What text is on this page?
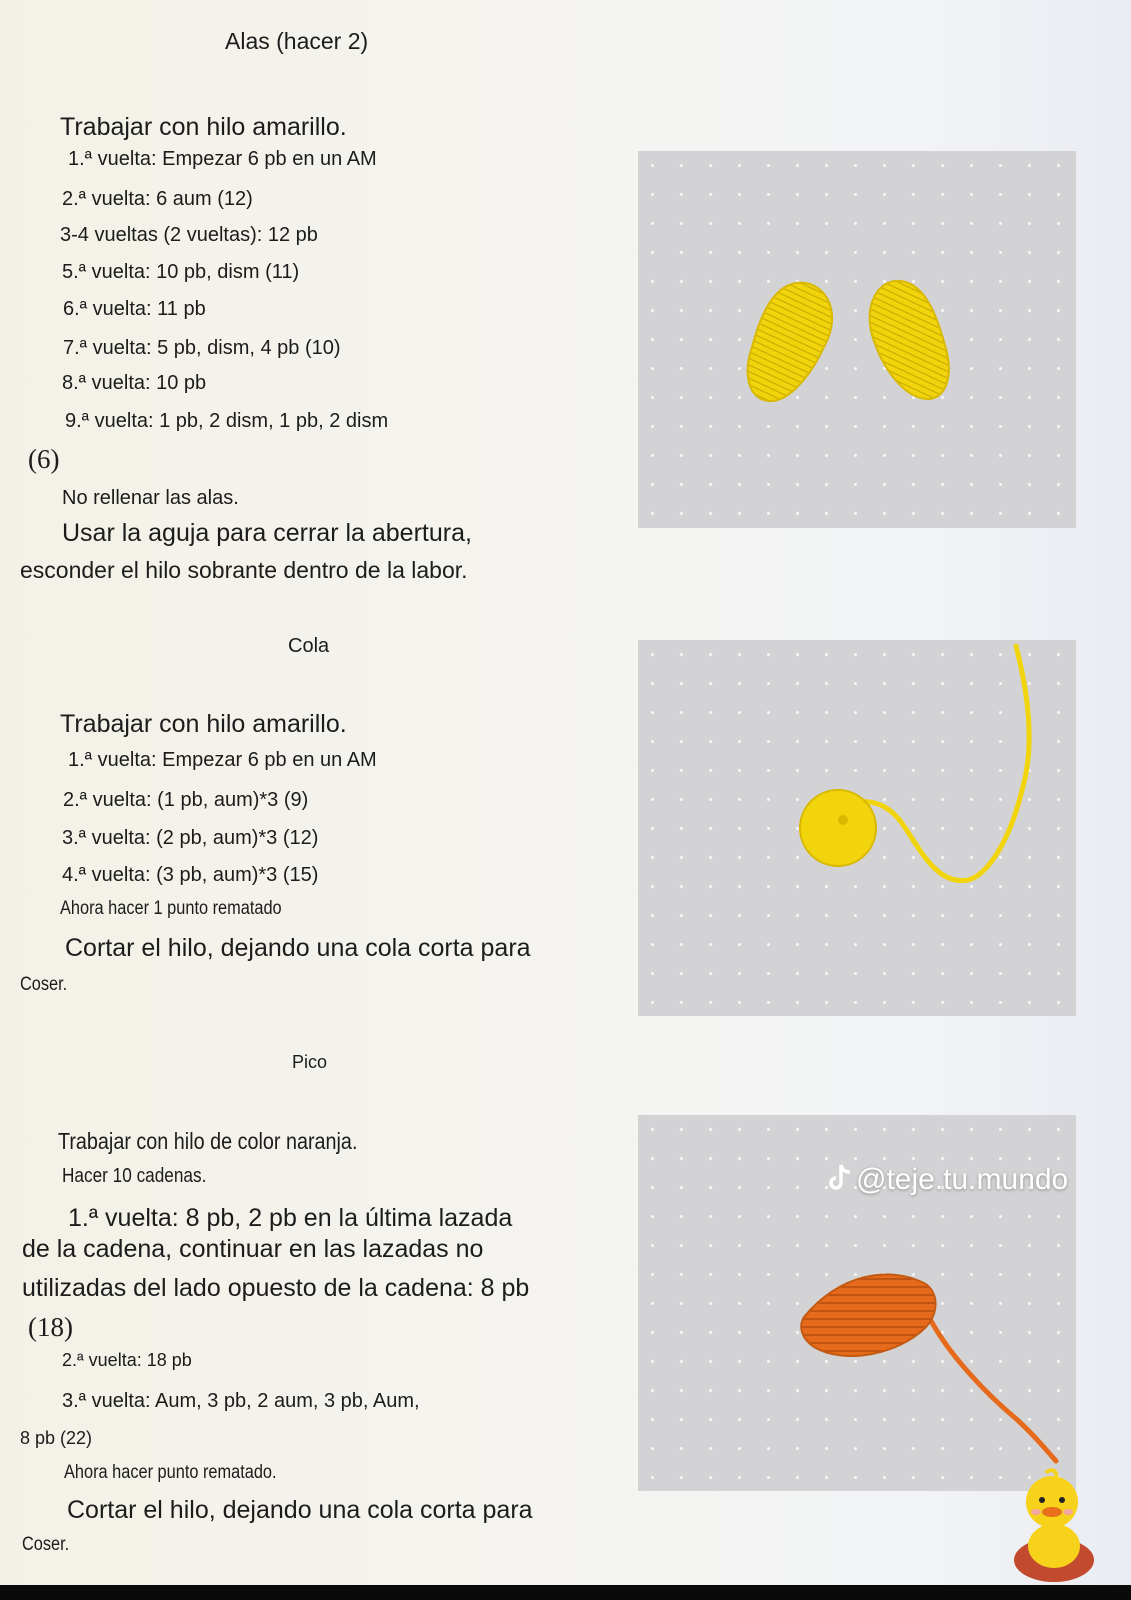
Alas (hacer 2)
Trabajar con hilo amarillo.
1.ª vuelta: Empezar 6 pb en un AM
2.ª vuelta: 6 aum (12)
3-4 vueltas (2 vueltas): 12 pb
5.ª vuelta: 10 pb, dism (11)
6.ª vuelta: 11 pb
7.ª vuelta: 5 pb, dism, 4 pb (10)
8.ª vuelta: 10 pb
9.ª vuelta: 1 pb, 2 dism, 1 pb, 2 dism
(6)
No rellenar las alas.
Usar la aguja para cerrar la abertura,
esconder el hilo sobrante dentro de la labor.
Cola
Trabajar con hilo amarillo.
1.ª vuelta: Empezar 6 pb en un AM
2.ª vuelta: (1 pb, aum)*3 (9)
3.ª vuelta: (2 pb, aum)*3 (12)
4.ª vuelta: (3 pb, aum)*3 (15)
Ahora hacer 1 punto rematado
Cortar el hilo, dejando una cola corta para
Coser.
Pico
Trabajar con hilo de color naranja.
Hacer 10 cadenas.
1.ª vuelta: 8 pb, 2 pb en la última lazada
de la cadena, continuar en las lazadas no
utilizadas del lado opuesto de la cadena: 8 pb
(18)
2.ª vuelta: 18 pb
3.ª vuelta: Aum, 3 pb, 2 aum, 3 pb, Aum,
8 pb (22)
Ahora hacer punto rematado.
Cortar el hilo, dejando una cola corta para
Coser.
@teje.tu.mundo
